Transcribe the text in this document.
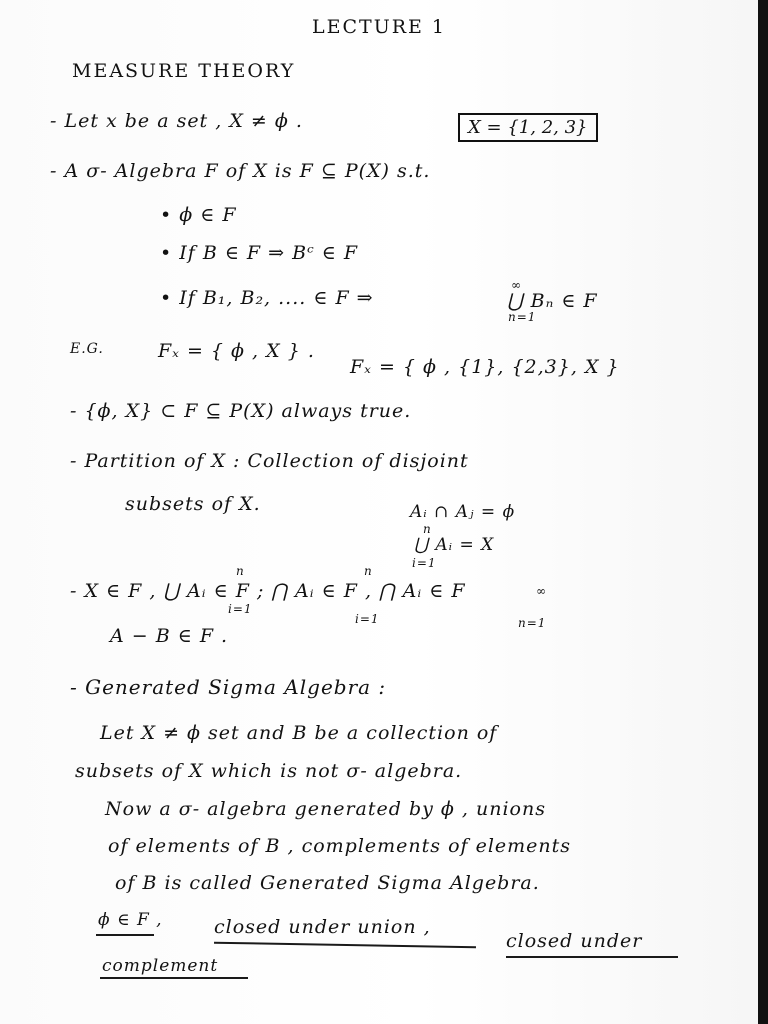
LECTURE 1
MEASURE THEORY
- Let x be a set , X ≠ ϕ .	X = {1, 2, 3}
- A σ- Algebra F of X is F ⊆ P(X) s.t.
• ϕ ∈ F
• If B ∈ F ⇒ Bᶜ ∈ F
• If B₁, B₂, .... ∈ F ⇒
∞
⋃ Bₙ ∈ F
n=1
E.G.	Fₓ = { ϕ , X } .
Fₓ = { ϕ , {1}, {2,3}, X }
- {ϕ, X} ⊂ F ⊆ P(X) always true.
- Partition of X : Collection of disjoint
subsets of X.	Aᵢ ∩ Aⱼ = ϕ
n
⋃ Aᵢ = X
i=1
n	n
∞
- X ∈ F , ⋃ Aᵢ ∈ F ; ⋂ Aᵢ ∈ F , ⋂ Aᵢ ∈ F
i=1
i=1	n=1
A − B ∈ F .
- Generated Sigma Algebra :
Let X ≠ ϕ set and B be a collection of
subsets of X which is not σ- algebra.
Now a σ- algebra generated by ϕ , unions
of elements of B , complements of elements
of B is called Generated Sigma Algebra.
ϕ ∈ F ,	closed under union ,
closed under
complement
